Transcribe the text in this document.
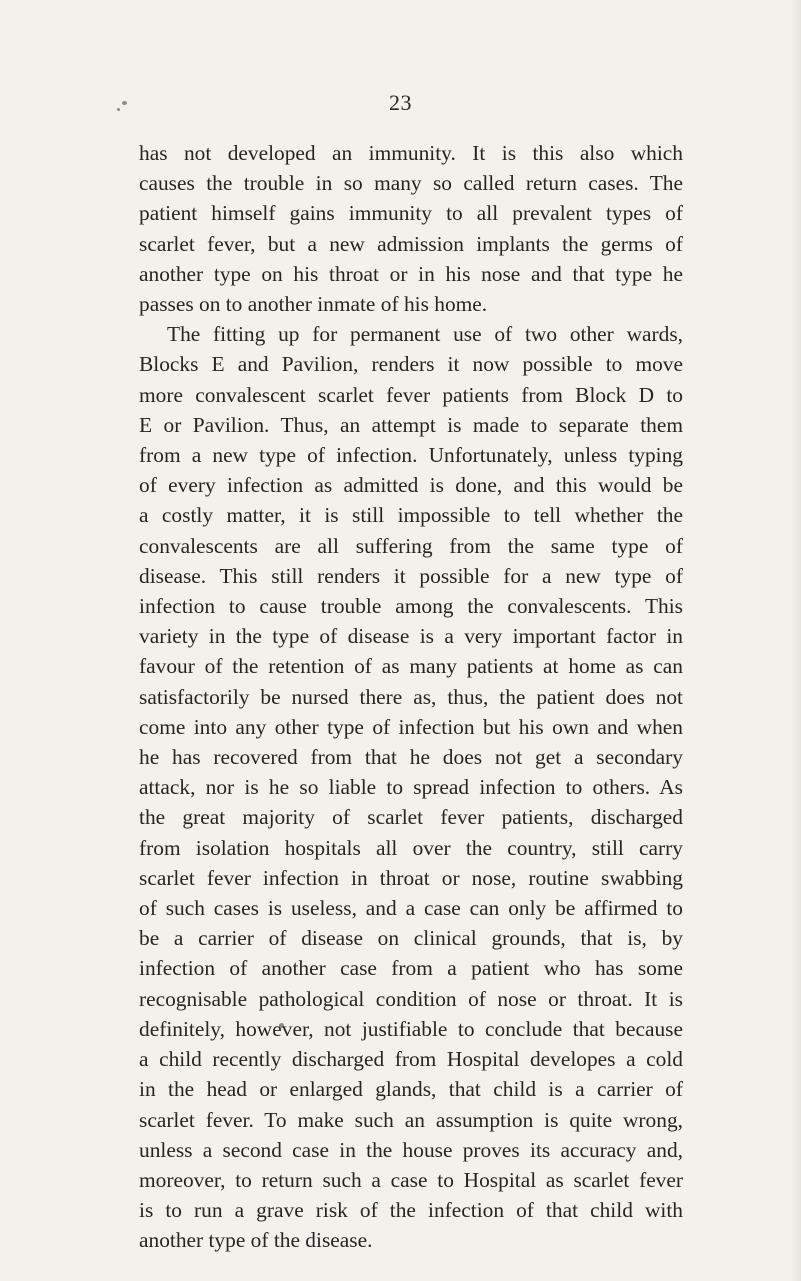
23
has not developed an immunity. It is this also which
causes the trouble in so many so called return cases. The
patient himself gains immunity to all prevalent types of
scarlet fever, but a new admission implants the germs of
another type on his throat or in his nose and that type he
passes on to another inmate of his home.
The fitting up for permanent use of two other wards,
Blocks E and Pavilion, renders it now possible to move
more convalescent scarlet fever patients from Block D to
E or Pavilion. Thus, an attempt is made to separate them
from a new type of infection. Unfortunately, unless typing
of every infection as admitted is done, and this would be
a costly matter, it is still impossible to tell whether the
convalescents are all suffering from the same type of
disease. This still renders it possible for a new type of
infection to cause trouble among the convalescents. This
variety in the type of disease is a very important factor in
favour of the retention of as many patients at home as can
satisfactorily be nursed there as, thus, the patient does not
come into any other type of infection but his own and when
he has recovered from that he does not get a secondary
attack, nor is he so liable to spread infection to others. As
the great majority of scarlet fever patients, discharged
from isolation hospitals all over the country, still carry
scarlet fever infection in throat or nose, routine swabbing
of such cases is useless, and a case can only be affirmed to
be a carrier of disease on clinical grounds, that is, by
infection of another case from a patient who has some
recognisable pathological condition of nose or throat. It is
definitely, however, not justifiable to conclude that because
a child recently discharged from Hospital developes a cold
in the head or enlarged glands, that child is a carrier of
scarlet fever. To make such an assumption is quite wrong,
unless a second case in the house proves its accuracy and,
moreover, to return such a case to Hospital as scarlet fever
is to run a grave risk of the infection of that child with
another type of the disease.
